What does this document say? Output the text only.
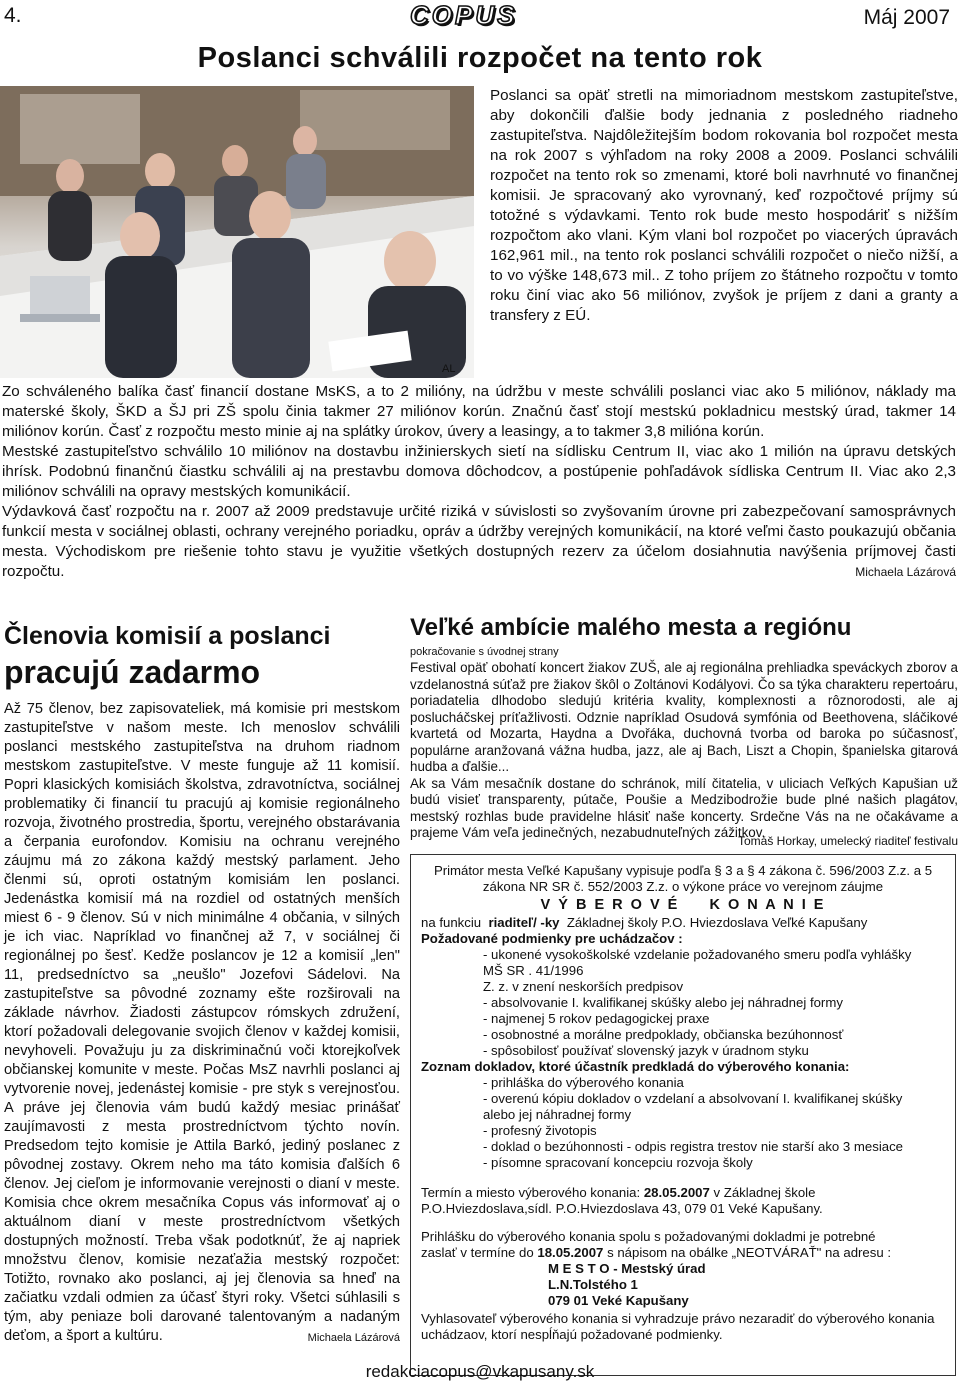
4.	COPUS	Máj 2007
Poslanci schválili rozpočet na tento rok
AL

Poslanci sa opäť stretli na mimoriadnom mestskom zastupiteľstve, aby dokončili ďalšie body jednania z posledného riadneho zastupiteľstva. Najdôležitejším bodom rokovania bol rozpočet mesta na rok 2007 s výhľadom na roky 2008 a 2009. Poslanci schválili rozpočet na tento rok so zmenami, ktoré boli navrhnuté vo finančnej komisii. Je spracovaný ako vyrovnaný, keď rozpočtové príjmy sú totožné s výdavkami. Tento rok bude mesto hospodáriť s nižším rozpočtom ako vlani. Kým vlani bol rozpočet po viacerých úpravách 162,961 mil., na tento rok poslanci schválili rozpočet o niečo nižší, a to vo výške 148,673 mil.. Z toho príjem zo štátneho rozpočtu v tomto roku činí viac ako 56 miliónov, zvyšok je príjem z dani a granty a transfery z EÚ.

Zo schváleného balíka časť financií dostane MsKS, a to 2 milióny, na údržbu v meste schválili poslanci viac ako 5 miliónov, náklady ma materské školy, ŠKD a ŠJ pri ZŠ spolu činia takmer 27 miliónov korún. Značnú časť stojí mestskú pokladnicu mestský úrad, takmer 14 miliónov korún. Časť z rozpočtu mesto minie aj na splátky úrokov, úvery a leasingy, a to takmer 3,8 milióna korún.

Mestské zastupiteľstvo schválilo 10 miliónov na dostavbu inžinierskych sietí na sídlisku Centrum II, viac ako 1 milión na úpravu detských ihrísk. Podobnú finančnú čiastku schválili aj na prestavbu domova dôchodcov, a postúpenie pohľadávok sídliska Centrum II. Viac ako 2,3 miliónov schválili na opravy mestských komunikácií.

Výdavková časť rozpočtu na r. 2007 až 2009 predstavuje určité riziká v súvislosti so zvyšovaním úrovne pri zabezpečovaní samosprávnych funkcií mesta v sociálnej oblasti, ochrany verejného poriadku, opráv a údržby verejných komunikácií, na ktoré veľmi často poukazujú občania mesta. Východiskom pre riešenie tohto stavu je využitie všetkých dostupných rezerv za účelom dosiahnutia navýšenia príjmovej časti rozpočtu.	Michaela Lázárová

Členovia komisií a poslanci
pracujú zadarmo

Až 75 členov, bez zapisovateliek, má komisie pri mestskom zastupiteľstve v našom meste. Ich menoslov schválili poslanci mestského zastupiteľstva na druhom riadnom mestskom zastupiteľstve. V meste funguje až 11 komisií. Popri klasických komisiách školstva, zdravotníctva, sociálnej problematiky či financií tu pracujú aj komisie regionálneho rozvoja, životného prostredia, športu, verejného obstarávania a čerpania eurofondov. Komisiu na ochranu verejného záujmu má zo zákona každý mestský parlament. Jeho členmi sú, oproti ostatným komisiám len poslanci. Jedenástka komisií má na rozdiel od ostatných menších miest 6 - 9 členov. Sú v nich minimálne 4 občania, v silných je ich viac. Napríklad vo finančnej až 7, v sociálnej či regionálnej po šesť. Kedže poslancov je 12 a komisií „len" 11, predsedníctvo sa „neušlo" Jozefovi Sádelovi. Na zastupiteľstve sa pôvodné zoznamy ešte rozširovali na základe návrhov. Žiadosti zástupcov rómskych združení, ktorí požadovali delegovanie svojich členov v každej komisii, nevyhoveli. Považuju ju za diskriminačnú voči ktorejkoľvek občianskej komunite v meste. Počas MsZ navrhli poslanci aj vytvorenie novej, jedenástej komisie - pre styk s verejnosťou. A práve jej členovia vám budú každý mesiac prinášať zaujímavosti z mesta prostredníctvom týchto novín. Predsedom tejto komisie je Attila Barkó, jediný poslanec z pôvodnej zostavy. Okrem neho ma táto komisia ďalších 6 členov. Jej cieľom je informovanie verejnosti o dianí v meste. Komisia chce okrem mesačníka Copus vás informovať aj o aktuálnom dianí v meste prostredníctvom všetkých dostupných možností. Treba však podotknúť, že aj napriek množstvu členov, komisie nezaťažia mestský rozpočet: Totižto, rovnako ako poslanci, aj jej členovia sa hneď na začiatku vzdali odmien za účasť štyri roky. Všetci súhlasili s tým, aby peniaze boli darované talentovaným a nadaným deťom, a šport a kultúru.	Michaela Lázárová

Veľké ambície malého mesta a regiónu
pokračovanie s úvodnej strany

Festival opäť obohatí koncert žiakov ZUŠ, ale aj regionálna prehliadka speváckych zborov a vzdelanostná súťaž pre žiakov škôl o Zoltánovi Kodályovi. Čo sa týka charakteru repertoáru, poriadatelia dlhodobo sledujú kritéria kvality, komplexnosti a rôznorodosti, ale aj poslucháčskej príťažlivosti. Odznie napríklad Osudová symfónia od Beethovena, sláčikové kvartetá od Mozarta, Haydna a Dvořáka, duchovná tvorba od baroka po súčasnosť, populárne aranžovaná vážna hudba, jazz, ale aj Bach, Liszt a Chopin, španielska gitarová hudba a ďalšie...

Ak sa Vám mesačník dostane do schránok, milí čitatelia, v uliciach Veľkých Kapušian už budú visieť transparenty, pútače, Poušie a Medzibodrožie bude plné našich plagátov, mestský rozhlas bude pravidelne hlásiť naše koncerty. Srdečne Vás na ne očakávame a prajeme Vám veľa jedinečných, nezabudnuteľných zážitkov.

Tomáš Horkay, umelecký riaditeľ festivalu
Primátor mesta Veľké Kapušany vypisuje podľa § 3 a § 4 zákona č. 596/2003 Z.z. a 5 zákona NR SR č. 552/2003 Z.z. o výkone práce vo verejnom záujme
V Ý B E R O V É     K O N A N I E
na funkciu riaditeľ/ -ky Základnej školy P.O. Hviezdoslava Veľké Kapušany
Požadované podmienky pre uchádzačov :
- ukonené vysokoškolské vzdelanie požadovaného smeru podľa vyhlášky MŠ SR . 41/1996
Z. z. v znení neskorších predpisov
- absolvovanie I. kvalifikanej skúšky alebo jej náhradnej formy
- najmenej 5 rokov pedagogickej praxe
- osobnostné a morálne predpoklady, občianska bezúhonnosť
- spôsobilosť používať slovenský jazyk v úradnom styku
Zoznam dokladov, ktoré účastník predkladá do výberového konania:
- prihláška do výberového konania
- overenú kópiu dokladov o vzdelaní a absolvovaní I. kvalifikanej skúšky alebo jej náhradnej formy
- profesný životopis
- doklad o bezúhonnosti - odpis registra trestov nie starší ako 3 mesiace
- písomne spracovaní koncepciu rozvoja školy
Termín a miesto výberového konania: 28.05.2007 v Základnej škole P.O.Hviezdoslava,sídl. P.O.Hviezdoslava 43, 079 01 Veké Kapušany.
Prihlášku do výberového konania spolu s požadovanými dokladmi je potrebné zaslať v termíne do 18.05.2007 s nápisom na obálke „NEOTVÁRAŤ" na adresu :
M E S T O - Mestský úrad
L.N.Tolstého 1
079 01 Veké Kapušany
Vyhlasovateľ výberového konania si vyhradzuje právo nezaradiť do výberového konania uchádzaov, ktorí nespĺňajú požadované podmienky.
redakciacopus@vkapusany.sk
